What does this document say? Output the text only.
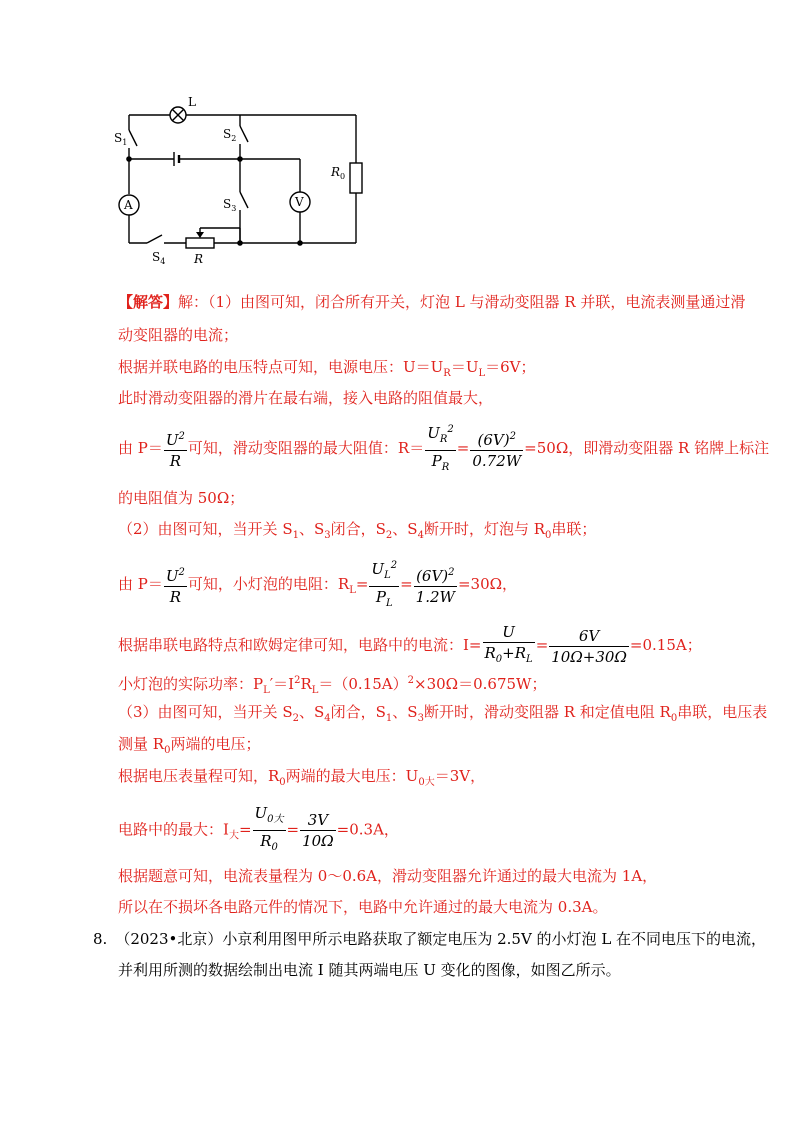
L
$S_1$
$S_2$
$S_3$
$S_4$ R
$R_0$
A	V
【解答】解：（1）由图可知，闭合所有开关，灯泡 L 与滑动变阻器 R 并联，电流表测量通过滑
动变阻器的电流；
根据并联电路的电压特点可知，电源电压：$U=U_R=U_L=6V$；
此时滑动变阻器的滑片在最右端，接入电路的阻值最大，
由 $P= \frac{U^2}{R}$ 可知，滑动变阻器的最大阻值：$R= \frac{U_R^2}{P_R} = \frac{(6V)^2}{0.72W} =50\Omega$，即滑动变阻器 R 铭牌上标注
的电阻值为 50Ω；
（2）由图可知，当开关 $S_1$、$S_3$闭合，$S_2$、$S_4$断开时，灯泡与 $R_0$串联；
由 $P= \frac{U^2}{R}$ 可知，小灯泡的电阻：$R_L= \frac{U_L^2}{P_L} = \frac{(6V)^2}{1.2W} =30\Omega$，
根据串联电路特点和欧姆定律可知，电路中的电流：$I= \frac{U}{R_0+R_L} = \frac{6V}{10\Omega+30\Omega} =0.15A$；
小灯泡的实际功率：$P_L'=I^2R_L=(0.15A)^2\times 30\Omega=0.675W$；
（3）由图可知，当开关 $S_2$、$S_4$闭合，$S_1$、$S_3$断开时，滑动变阻器 R 和定值电阻 $R_0$串联，电压表
测量 $R_0$两端的电压；
根据电压表量程可知，$R_0$两端的最大电压：$U_{0大}=3V$，
电路中的最大：$I_大= \frac{U_{0大}}{R_0} = \frac{3V}{10\Omega} =0.3A$，
根据题意可知，电流表量程为 0～0.6A，滑动变阻器允许通过的最大电流为 1A，
所以在不损坏各电路元件的情况下，电路中允许通过的最大电流为 0.3A。
8. （2023•北京）小京利用图甲所示电路获取了额定电压为 2.5V 的小灯泡 L 在不同电压下的电流，
并利用所测的数据绘制出电流 I 随其两端电压 U 变化的图像，如图乙所示。
